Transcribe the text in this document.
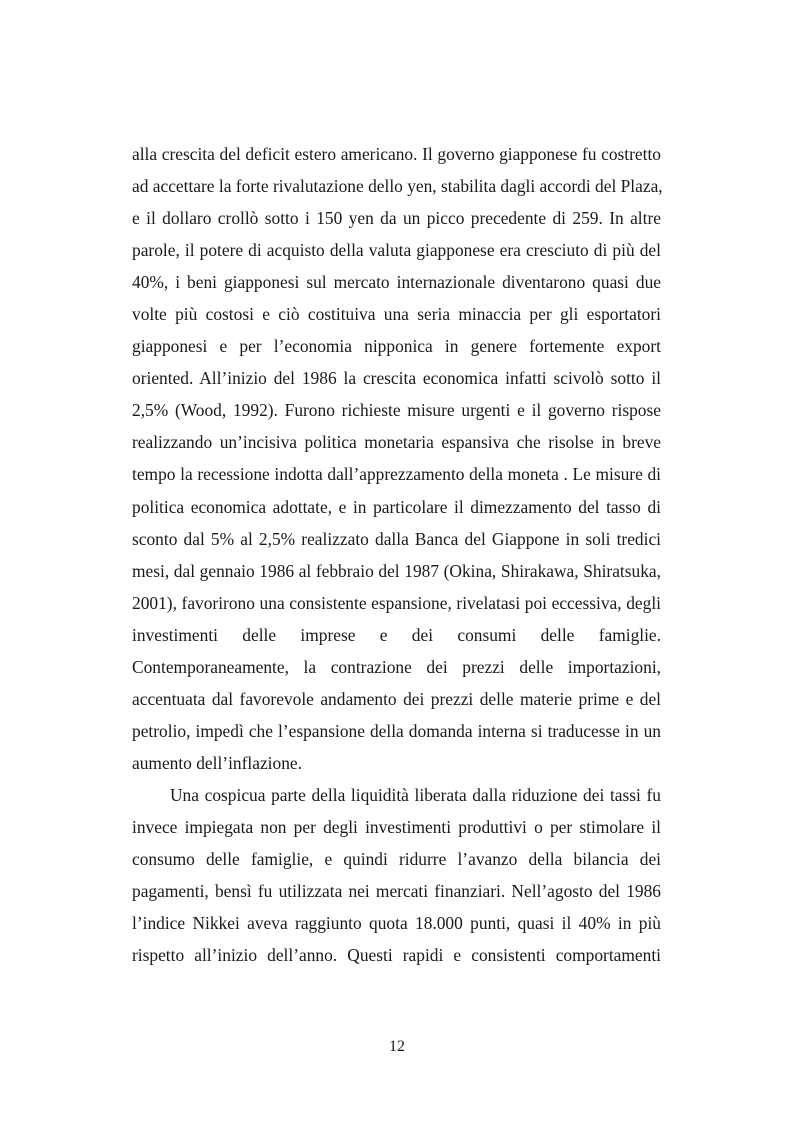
alla crescita del deficit estero americano. Il governo giapponese fu costretto
ad accettare la forte rivalutazione dello yen, stabilita dagli accordi del Plaza,
e il dollaro crollò sotto i 150 yen da un picco precedente di 259. In altre
parole, il potere di acquisto della valuta giapponese era cresciuto di più del
40%, i beni giapponesi sul mercato internazionale diventarono quasi due
volte più costosi e ciò costituiva una seria minaccia per gli esportatori
giapponesi e per l’economia nipponica in genere fortemente export
oriented. All’inizio del 1986 la crescita economica infatti scivolò sotto il
2,5% (Wood, 1992). Furono richieste misure urgenti e il governo rispose
realizzando un’incisiva politica monetaria espansiva che risolse in breve
tempo la recessione indotta dall’apprezzamento della moneta . Le misure di
politica economica adottate, e in particolare il dimezzamento del tasso di
sconto dal 5% al 2,5% realizzato dalla Banca del Giappone in soli tredici
mesi, dal gennaio 1986 al febbraio del 1987 (Okina, Shirakawa, Shiratsuka,
2001), favorirono una consistente espansione, rivelatasi poi eccessiva, degli
investimenti delle imprese e dei consumi delle famiglie.
Contemporaneamente, la contrazione dei prezzi delle importazioni,
accentuata dal favorevole andamento dei prezzi delle materie prime e del
petrolio, impedì che l’espansione della domanda interna si traducesse in un
aumento dell’inflazione.
Una cospicua parte della liquidità liberata dalla riduzione dei tassi fu
invece impiegata non per degli investimenti produttivi o per stimolare il
consumo delle famiglie, e quindi ridurre l’avanzo della bilancia dei
pagamenti, bensì fu utilizzata nei mercati finanziari. Nell’agosto del 1986
l’indice Nikkei aveva raggiunto quota 18.000 punti, quasi il 40% in più
rispetto all’inizio dell’anno. Questi rapidi e consistenti comportamenti
12
